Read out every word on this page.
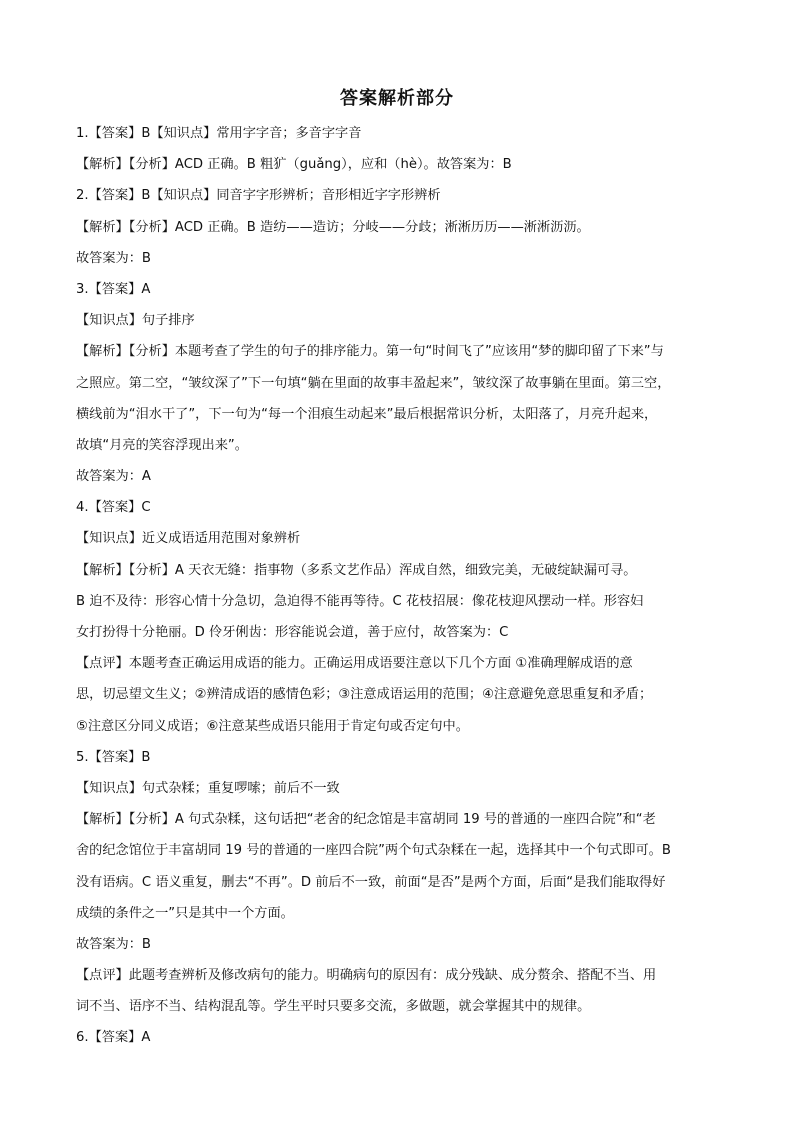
答案解析部分
1.【答案】B【知识点】常用字字音；多音字字音
【解析】【分析】ACD 正确。B 粗犷（guǎng），应和（hè）。故答案为：B
2.【答案】B【知识点】同音字字形辨析；音形相近字字形辨析
【解析】【分析】ACD 正确。B 造纺——造访；分岐——分歧；淅淅历历——淅淅沥沥。
故答案为：B
3.【答案】A
【知识点】句子排序
【解析】【分析】本题考查了学生的句子的排序能力。第一句“时间飞了”应该用“梦的脚印留了下来”与
之照应。第二空，“皱纹深了”下一句填“躺在里面的故事丰盈起来”，皱纹深了故事躺在里面。第三空，
横线前为“泪水干了”，下一句为“每一个泪痕生动起来”最后根据常识分析，太阳落了，月亮升起来，
故填“月亮的笑容浮现出来”。
故答案为：A
4.【答案】C
【知识点】近义成语适用范围对象辨析
【解析】【分析】A 天衣无缝：指事物（多系文艺作品）浑成自然，细致完美，无破绽缺漏可寻。
B 迫不及待：形容心情十分急切，急迫得不能再等待。C 花枝招展：像花枝迎风摆动一样。形容妇
女打扮得十分艳丽。D 伶牙俐齿：形容能说会道，善于应付，故答案为：C
【点评】本题考查正确运用成语的能力。正确运用成语要注意以下几个方面 ①准确理解成语的意
思，切忌望文生义；②辨清成语的感情色彩；③注意成语运用的范围；④注意避免意思重复和矛盾；
⑤注意区分同义成语；⑥注意某些成语只能用于肯定句或否定句中。
5.【答案】B
【知识点】句式杂糅；重复啰嗦；前后不一致
【解析】【分析】A 句式杂糅，这句话把“老舍的纪念馆是丰富胡同 19 号的普通的一座四合院”和“老
舍的纪念馆位于丰富胡同 19 号的普通的一座四合院”两个句式杂糅在一起，选择其中一个句式即可。B
没有语病。C 语义重复，删去“不再”。D 前后不一致，前面“是否”是两个方面，后面“是我们能取得好
成绩的条件之一”只是其中一个方面。
故答案为：B
【点评】此题考查辨析及修改病句的能力。明确病句的原因有：成分残缺、成分赘余、搭配不当、用
词不当、语序不当、结构混乱等。学生平时只要多交流，多做题，就会掌握其中的规律。
6.【答案】A
